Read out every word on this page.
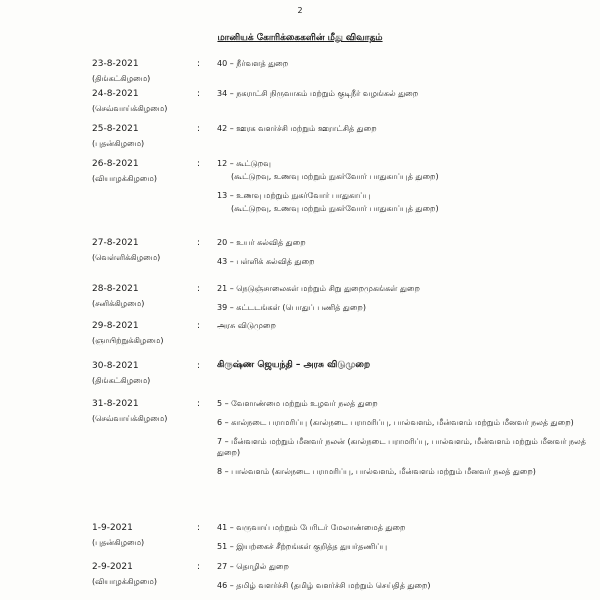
2
மானியக் கோரிக்கைகளின் மீது விவாதம்
23-8-2021
(திங்கட்கிழமை)
: 40 – நீர்வளத் துறை
24-8-2021
(செவ்வாய்க்கிழமை)
: 34 – நகராட்சி நிருவாகம் மற்றும் குடிநீர் வழங்கல் துறை
25-8-2021
(புதன்கிழமை)
: 42 – ஊரக வளர்ச்சி மற்றும் ஊராட்சித் துறை
26-8-2021
(வியாழக்கிழமை)
: 12 – கூட்டுறவு
(கூட்டுறவு, உணவு மற்றும் நுகர்வோர் பாதுகாப்புத் துறை)
13 – உணவு மற்றும் நுகர்வோர் பாதுகாப்பு
(கூட்டுறவு, உணவு மற்றும் நுகர்வோர் பாதுகாப்புத் துறை)
27-8-2021
(வெள்ளிக்கிழமை)
: 20 – உயர் கல்வித் துறை
43 – பள்ளிக் கல்வித் துறை
28-8-2021
(சனிக்கிழமை)
: 21 – நெடுஞ்சாலைகள் மற்றும் சிறு துறைமுகங்கள் துறை
39 – கட்டடங்கள் (பொதுப் பணித் துறை)
29-8-2021
(ஞாயிற்றுக்கிழமை)
: அரசு விடுமுறை
30-8-2021
(திங்கட்கிழமை)
: கிருஷ்ண ஜெயந்தி – அரசு விடுமுறை
31-8-2021
(செவ்வாய்க்கிழமை)
: 5 – வேளாண்மை மற்றும் உழவர் நலத் துறை
6 – கால்நடை பராமரிப்பு (கால்நடை பராமரிப்பு, பால்வளம், மீன்வளம் மற்றும் மீனவர் நலத் துறை)
7 – மீன்வளம் மற்றும் மீனவர் நலன் (கால்நடை பராமரிப்பு, பால்வளம், மீன்வளம் மற்றும் மீனவர் நலத் துறை)
8 – பால்வளம் (கால்நடை பராமரிப்பு, பால்வளம், மீன்வளம் மற்றும் மீனவர் நலத் துறை)
1-9-2021
(புதன்கிழமை)
: 41 – வருவாய் மற்றும் பேரிடர் மேலாண்மைத் துறை
51 – இயற்கைச் சீற்றங்கள் குறித்த துயர்தணிப்பு
2-9-2021
(வியாழக்கிழமை)
: 27 – தொழில் துறை
46 – தமிழ் வளர்ச்சி (தமிழ் வளர்ச்சி மற்றும் செய்தித் துறை)
